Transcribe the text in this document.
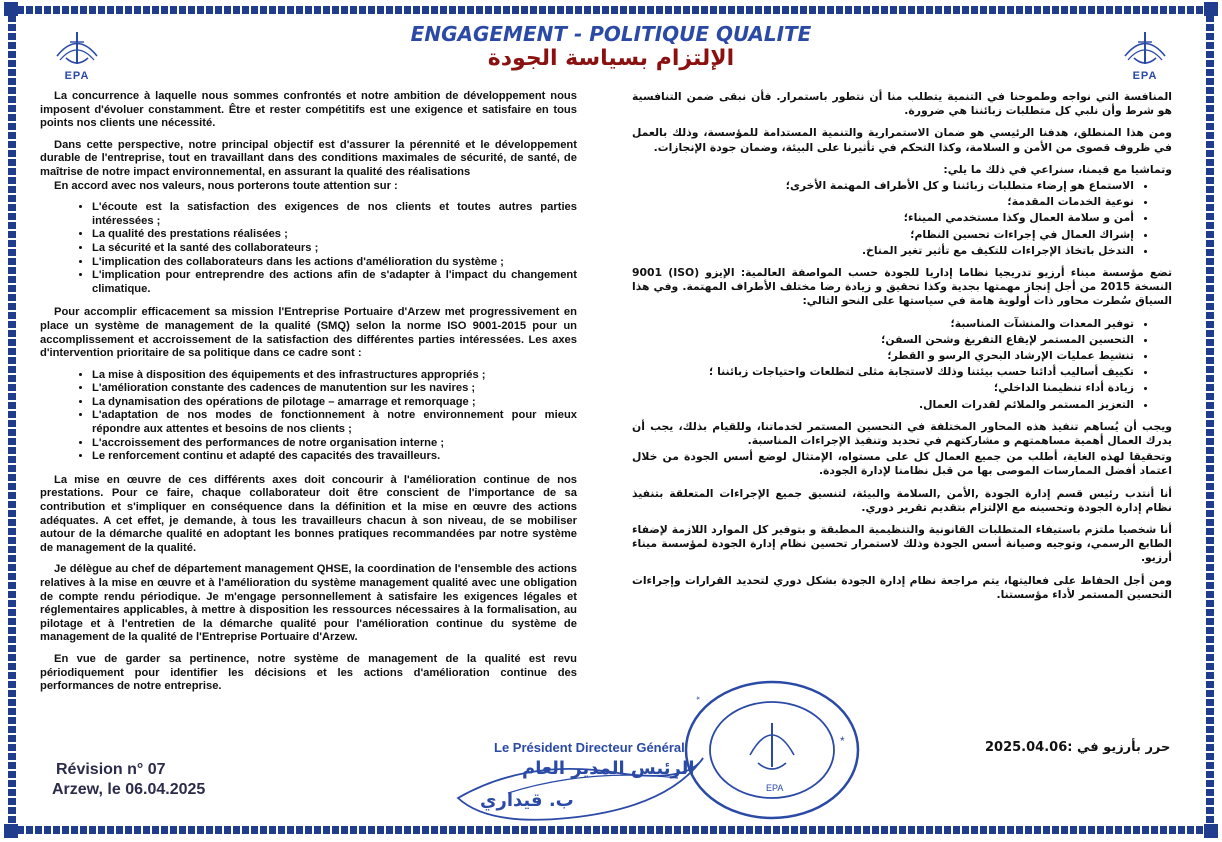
EPA	EPA
ENGAGEMENT - POLITIQUE QUALITE
الإلتزام بسياسة الجودة

La concurrence à laquelle nous sommes confrontés et notre ambition de développement nous imposent d'évoluer constamment. Être et rester compétitifs est une exigence et satisfaire en tous points nos clients une nécessité.

Dans cette perspective, notre principal objectif est d'assurer la pérennité et le développement durable de l'entreprise, tout en travaillant dans des conditions maximales de sécurité, de santé, de maîtrise de notre impact environnemental, en assurant la qualité des réalisations

En accord avec nos valeurs, nous porterons toute attention sur :

• L'écoute est la satisfaction des exigences de nos clients et toutes autres parties intéressées ;
• La qualité des prestations réalisées ;
• La sécurité et la santé des collaborateurs ;
• L'implication des collaborateurs dans les actions d'amélioration du système ;
• L'implication pour entreprendre des actions afin de s'adapter à l'impact du changement climatique.

Pour accomplir efficacement sa mission l'Entreprise Portuaire d'Arzew met progressivement en place un système de management de la qualité (SMQ) selon la norme ISO 9001-2015 pour un accomplissement et accroissement de la satisfaction des différentes parties intéressées. Les axes d'intervention prioritaire de sa politique dans ce cadre sont :

• La mise à disposition des équipements et des infrastructures appropriés ;
• L'amélioration constante des cadences de manutention sur les navires ;
• La dynamisation des opérations de pilotage – amarrage et remorquage ;
• L'adaptation de nos modes de fonctionnement à notre environnement pour mieux répondre aux attentes et besoins de nos clients ;
• L'accroissement des performances de notre organisation interne ;
• Le renforcement continu et adapté des capacités des travailleurs.

La mise en œuvre de ces différents axes doit concourir à l'amélioration continue de nos prestations. Pour ce faire, chaque collaborateur doit être conscient de l'importance de sa contribution et s'impliquer en conséquence dans la définition et la mise en œuvre des actions adéquates. A cet effet, je demande, à tous les travailleurs chacun à son niveau, de se mobiliser autour de la démarche qualité en adoptant les bonnes pratiques recommandées par notre système de management de la qualité.

Je délègue au chef de département management QHSE, la coordination de l'ensemble des actions relatives à la mise en œuvre et à l'amélioration du système management qualité avec une obligation de compte rendu périodique. Je m'engage personnellement à satisfaire les exigences légales et réglementaires applicables, à mettre à disposition les ressources nécessaires à la formalisation, au pilotage et à l'entretien de la démarche qualité pour l'amélioration continue du système de management de la qualité de l'Entreprise Portuaire d'Arzew.

En vue de garder sa pertinence, notre système de management de la qualité est revu périodiquement pour identifier les décisions et les actions d'amélioration continue des performances de notre entreprise.

المنافسة التي نواجه وطموحنا في التنمية يتطلب منا أن نتطور باستمرار. فأن نبقى ضمن التنافسية هو شرط وأن نلبي كل متطلبات زبائننا هي ضرورة.

ومن هذا المنطلق، هدفنا الرئيسي هو ضمان الاستمرارية والتنمية المستدامة للمؤسسة، وذلك بالعمل في ظروف قصوى من الأمن و السلامة، وكذا التحكم في تأثيرنا على البيئة، وضمان جودة الإنجازات.

وتماشيا مع قيمنا، سنراعي في ذلك ما يلي:

• الاستماع هو إرضاء متطلبات زبائننا و كل الأطراف المهتمة الأخرى؛
• نوعية الخدمات المقدمة؛
• أمن و سلامة العمال وكذا مستخدمي الميناء؛
• إشراك العمال في إجراءات تحسين النظام؛
• التدخل باتخاذ الإجراءات للتكيف مع تأثير تغير المناخ.

تضع مؤسسة ميناء أرزيو تدريجيا نظاما إداريا للجودة حسب المواصفة العالمية: الإيزو (ISO) 9001 النسخة 2015 من أجل إنجاز مهمتها بجدية وكذا تحقيق و زيادة رضا مختلف الأطراف المهتمة. وفي هذا السياق سُطرت محاور ذات أولوية هامة في سياستها على النحو التالي:

• توفير المعدات والمنشآت المناسبة؛
• التحسين المستمر لإيقاع التفريغ وشحن السفن؛
• تنشيط عمليات الإرشاد البحري الرسو و القطر؛
• تكييف أساليب أدائنا حسب بيئتنا وذلك لاستجابة مثلى لتطلعات واحتياجات زبائننا ؛
• زيادة أداء تنظيمنا الداخلي؛
• التعزيز المستمر والملائم لقدرات العمال.

ويجب أن يُساهم تنفيذ هذه المحاور المختلفة في التحسين المستمر لخدماتنا، وللقيام بذلك، يجب أن يدرك العمال أهمية مساهمتهم و مشاركتهم في تحديد وتنفيذ الإجراءات المناسبة.

وتحقيقا لهذه الغاية، أطلب من جميع العمال كل على مستواه، الإمتثال لوضع أسس الجودة من خلال اعتماد أفضل الممارسات الموصى بها من قبل نظامنا لإدارة الجودة.

أنا أنتدب رئيس قسم إدارة الجودة ,الأمن ,السلامة والبيئة، لتنسيق جميع الإجراءات المتعلقة بتنفيذ نظام إدارة الجودة وتحسينه مع الإلتزام بتقديم تقرير دوري.

أنا شخصيا ملتزم باستيفاء المتطلبات القانونية والتنظيمية المطبقة و بتوفير كل الموارد اللازمة لإضفاء الطابع الرسمي، وتوجيه وصيانة أسس الجودة وذلك لاستمرار تحسين نظام إدارة الجودة لمؤسسة ميناء أرزيو.

ومن أجل الحفاظ على فعاليتها، يتم مراجعة نظام إدارة الجودة بشكل دوري لتحديد القرارات وإجراءات التحسين المستمر لأداء مؤسستنا.

EPA
*
*
Révision n° 07
Arzew, le 06.04.2025
Le Président Directeur Général
الرئيس المدير العام
ب. قيداري
حرر بأرزيو في :2025.04.06
